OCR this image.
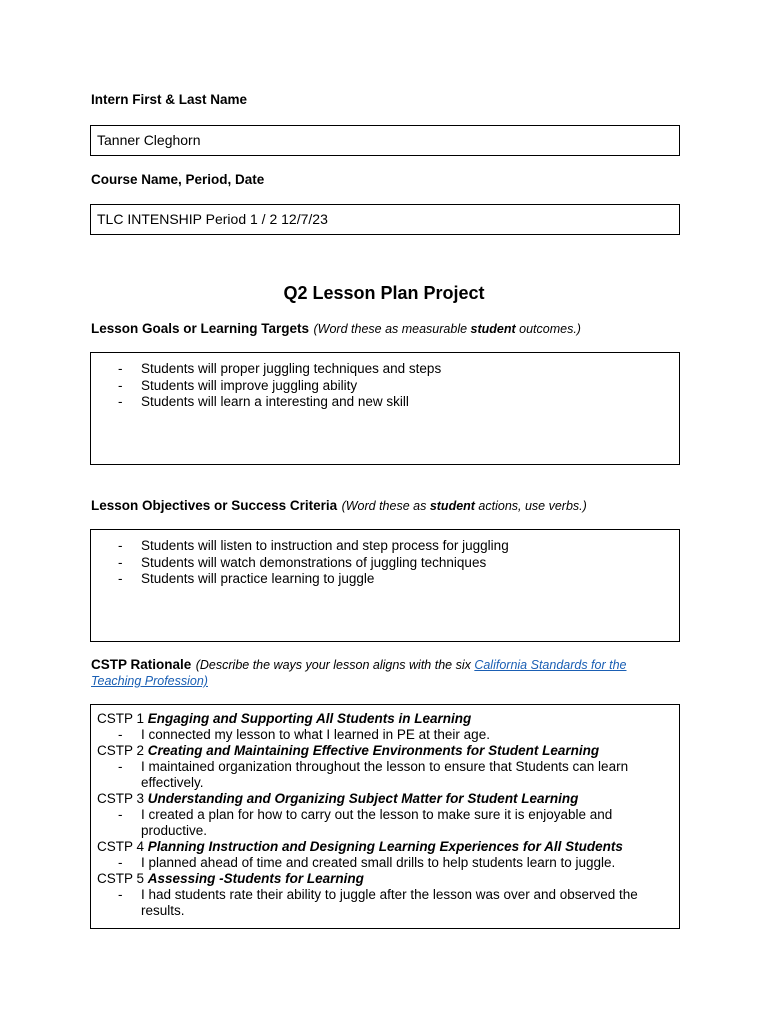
Intern First & Last Name
Tanner Cleghorn
Course Name, Period, Date
TLC INTENSHIP Period 1 / 2 12/7/23
Q2 Lesson Plan Project
Lesson Goals or Learning Targets (Word these as measurable student outcomes.)
- Students will proper juggling techniques and steps
- Students will improve juggling ability
- Students will learn a interesting and new skill
Lesson Objectives or Success Criteria (Word these as student actions, use verbs.)
- Students will listen to instruction and step process for juggling
- Students will watch demonstrations of juggling techniques
- Students will practice learning to juggle
CSTP Rationale (Describe the ways your lesson aligns with the six California Standards for the
Teaching Profession)
CSTP 1 Engaging and Supporting All Students in Learning
- I connected my lesson to what I learned in PE at their age.
CSTP 2 Creating and Maintaining Effective Environments for Student Learning
- I maintained organization throughout the lesson to ensure that Students can learn effectively.
CSTP 3 Understanding and Organizing Subject Matter for Student Learning
- I created a plan for how to carry out the lesson to make sure it is enjoyable and productive.
CSTP 4 Planning Instruction and Designing Learning Experiences for All Students
- I planned ahead of time and created small drills to help students learn to juggle.
CSTP 5 Assessing -Students for Learning
- I had students rate their ability to juggle after the lesson was over and observed the results.
